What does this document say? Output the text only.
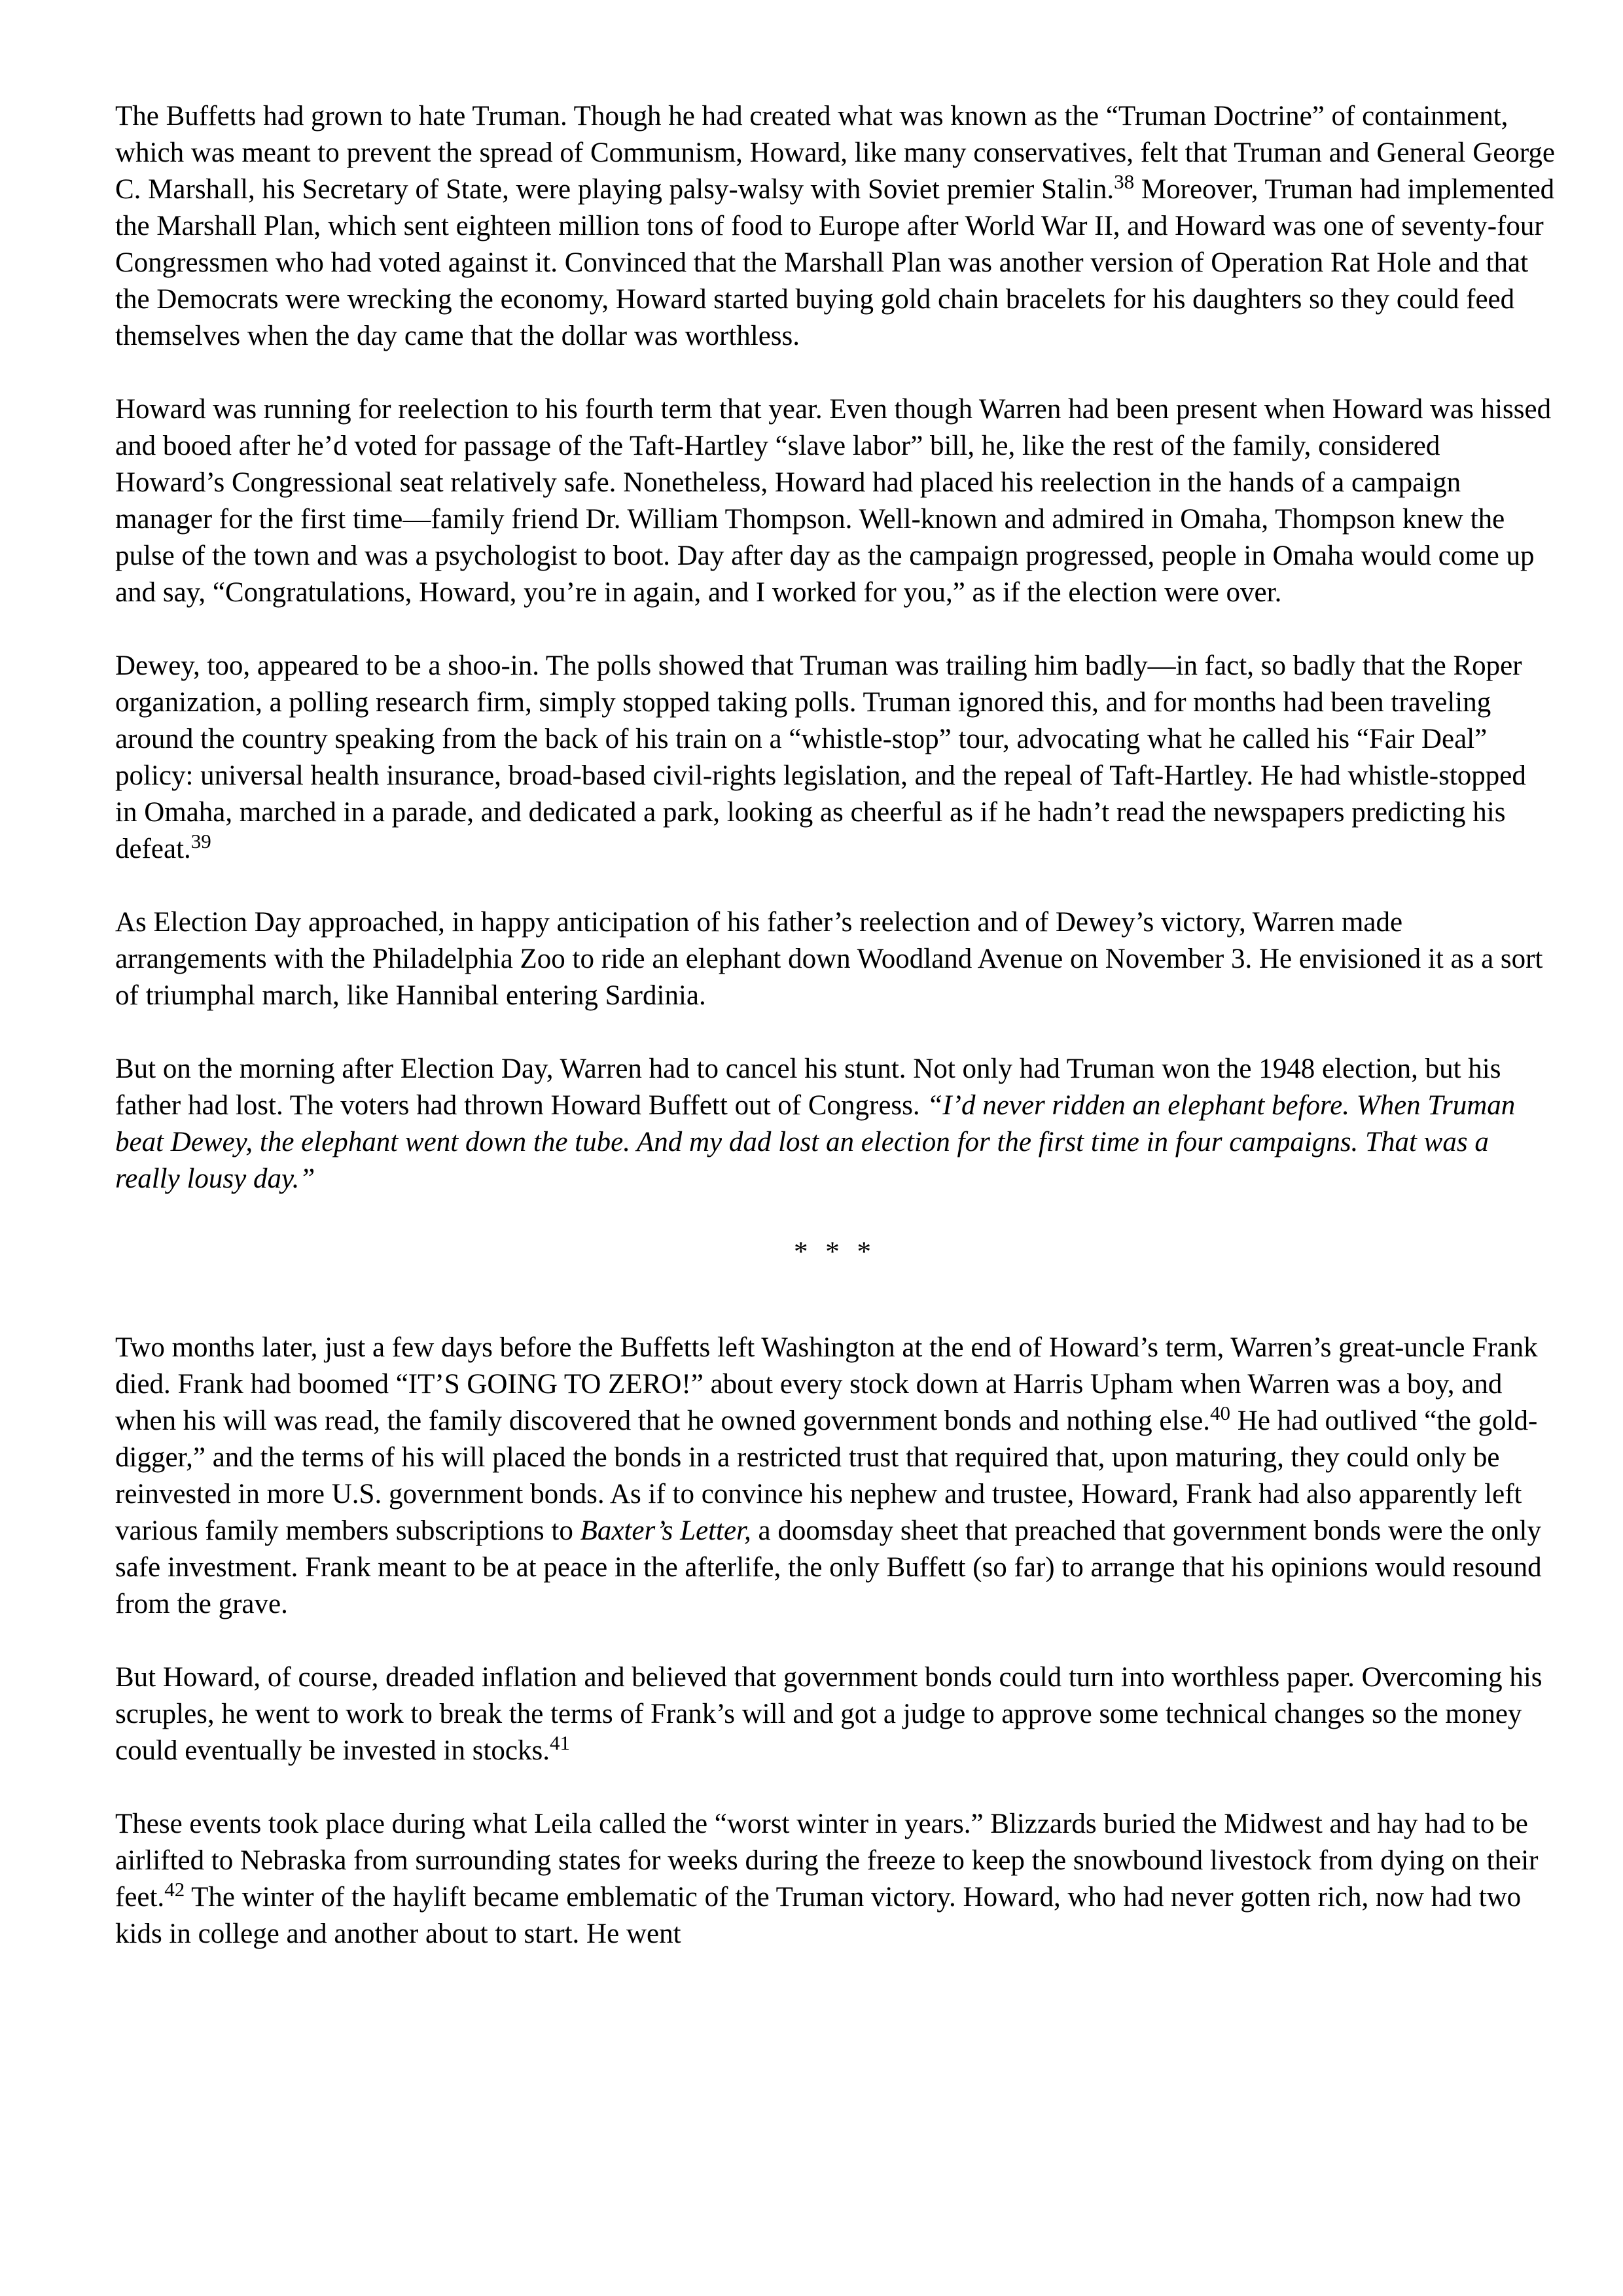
The Buffetts had grown to hate Truman. Though he had created what was known as the “Truman Doctrine” of containment, which was meant to prevent the spread of Communism, Howard, like many conservatives, felt that Truman and General George C. Marshall, his Secretary of State, were playing palsy-walsy with Soviet premier Stalin.$^{38}$ Moreover, Truman had implemented the Marshall Plan, which sent eighteen million tons of food to Europe after World War II, and Howard was one of seventy-four Congressmen who had voted against it. Convinced that the Marshall Plan was another version of Operation Rat Hole and that the Democrats were wrecking the economy, Howard started buying gold chain bracelets for his daughters so they could feed themselves when the day came that the dollar was worthless.

Howard was running for reelection to his fourth term that year. Even though Warren had been present when Howard was hissed and booed after he’d voted for passage of the Taft-Hartley “slave labor” bill, he, like the rest of the family, considered Howard’s Congressional seat relatively safe. Nonetheless, Howard had placed his reelection in the hands of a campaign manager for the first time—family friend Dr. William Thompson. Well-known and admired in Omaha, Thompson knew the pulse of the town and was a psychologist to boot. Day after day as the campaign progressed, people in Omaha would come up and say, “Congratulations, Howard, you’re in again, and I worked for you,” as if the election were over.

Dewey, too, appeared to be a shoo-in. The polls showed that Truman was trailing him badly—in fact, so badly that the Roper organization, a polling research firm, simply stopped taking polls. Truman ignored this, and for months had been traveling around the country speaking from the back of his train on a “whistle-stop” tour, advocating what he called his “Fair Deal” policy: universal health insurance, broad-based civil-rights legislation, and the repeal of Taft-Hartley. He had whistle-stopped in Omaha, marched in a parade, and dedicated a park, looking as cheerful as if he hadn’t read the newspapers predicting his defeat.$^{39}$

As Election Day approached, in happy anticipation of his father’s reelection and of Dewey’s victory, Warren made arrangements with the Philadelphia Zoo to ride an elephant down Woodland Avenue on November 3. He envisioned it as a sort of triumphal march, like Hannibal entering Sardinia.

But on the morning after Election Day, Warren had to cancel his stunt. Not only had Truman won the 1948 election, but his father had lost. The voters had thrown Howard Buffett out of Congress. “I’d never ridden an elephant before. When Truman beat Dewey, the elephant went down the tube. And my dad lost an election for the first time in four campaigns. That was a really lousy day.”

* * *

Two months later, just a few days before the Buffetts left Washington at the end of Howard’s term, Warren’s great-uncle Frank died. Frank had boomed “IT’S GOING TO ZERO!” about every stock down at Harris Upham when Warren was a boy, and when his will was read, the family discovered that he owned government bonds and nothing else.$^{40}$ He had outlived “the gold-digger,” and the terms of his will placed the bonds in a restricted trust that required that, upon maturing, they could only be reinvested in more U.S. government bonds. As if to convince his nephew and trustee, Howard, Frank had also apparently left various family members subscriptions to Baxter’s Letter, a doomsday sheet that preached that government bonds were the only safe investment. Frank meant to be at peace in the afterlife, the only Buffett (so far) to arrange that his opinions would resound from the grave.

But Howard, of course, dreaded inflation and believed that government bonds could turn into worthless paper. Overcoming his scruples, he went to work to break the terms of Frank’s will and got a judge to approve some technical changes so the money could eventually be invested in stocks.$^{41}$

These events took place during what Leila called the “worst winter in years.” Blizzards buried the Midwest and hay had to be airlifted to Nebraska from surrounding states for weeks during the freeze to keep the snowbound livestock from dying on their feet.$^{42}$ The winter of the haylift became emblematic of the Truman victory. Howard, who had never gotten rich, now had two kids in college and another about to start. He went
